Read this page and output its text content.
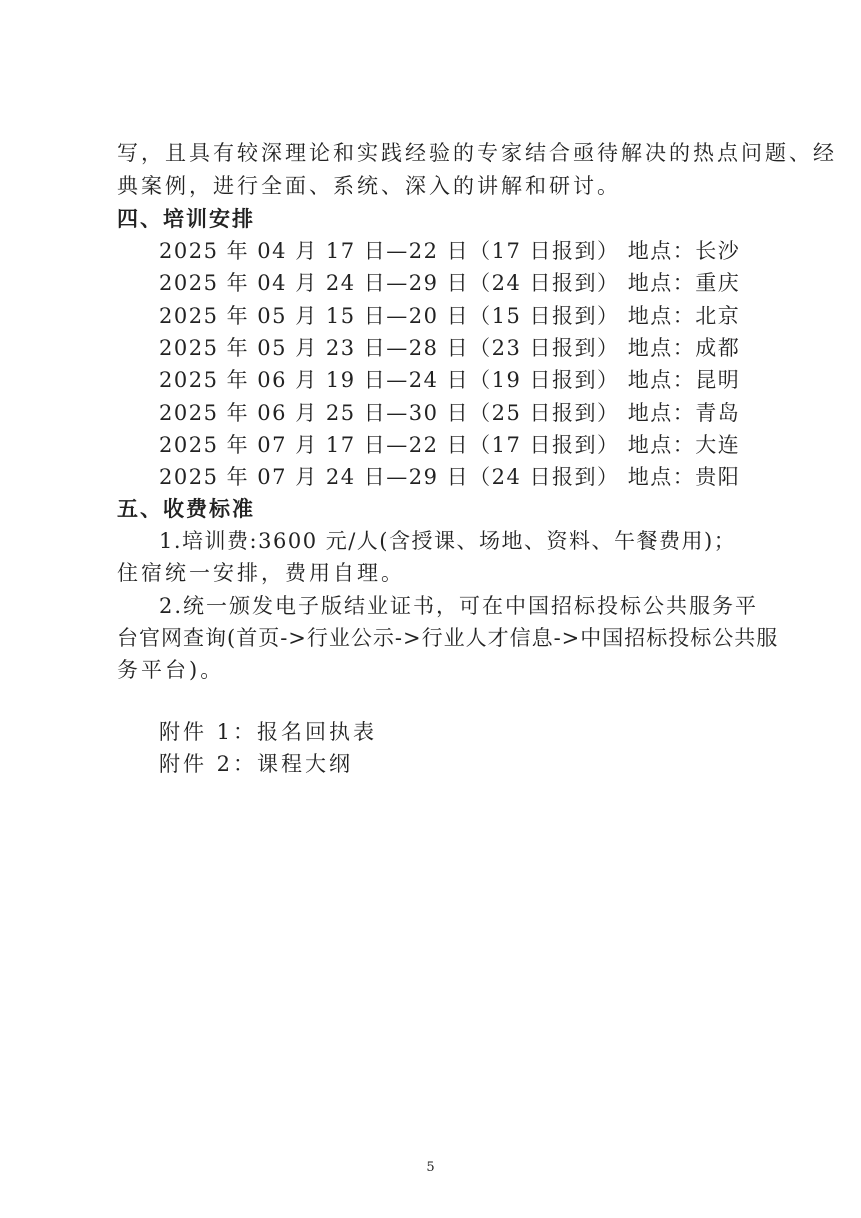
写，且具有较深理论和实践经验的专家结合亟待解决的热点问题、经
典案例，进行全面、系统、深入的讲解和研讨。
四、培训安排
2025 年 04 月 17 日—22 日（17 日报到） 地点：长沙
2025 年 04 月 24 日—29 日（24 日报到） 地点：重庆
2025 年 05 月 15 日—20 日（15 日报到） 地点：北京
2025 年 05 月 23 日—28 日（23 日报到） 地点：成都
2025 年 06 月 19 日—24 日（19 日报到） 地点：昆明
2025 年 06 月 25 日—30 日（25 日报到） 地点：青岛
2025 年 07 月 17 日—22 日（17 日报到） 地点：大连
2025 年 07 月 24 日—29 日（24 日报到） 地点：贵阳
五、收费标准
1.培训费:3600 元/人(含授课、场地、资料、午餐费用)；
住宿统一安排，费用自理。
2.统一颁发电子版结业证书，可在中国招标投标公共服务平
台官网查询(首页->行业公示->行业人才信息->中国招标投标公共服
务平台)。
附件 1：报名回执表
附件 2：课程大纲
5
